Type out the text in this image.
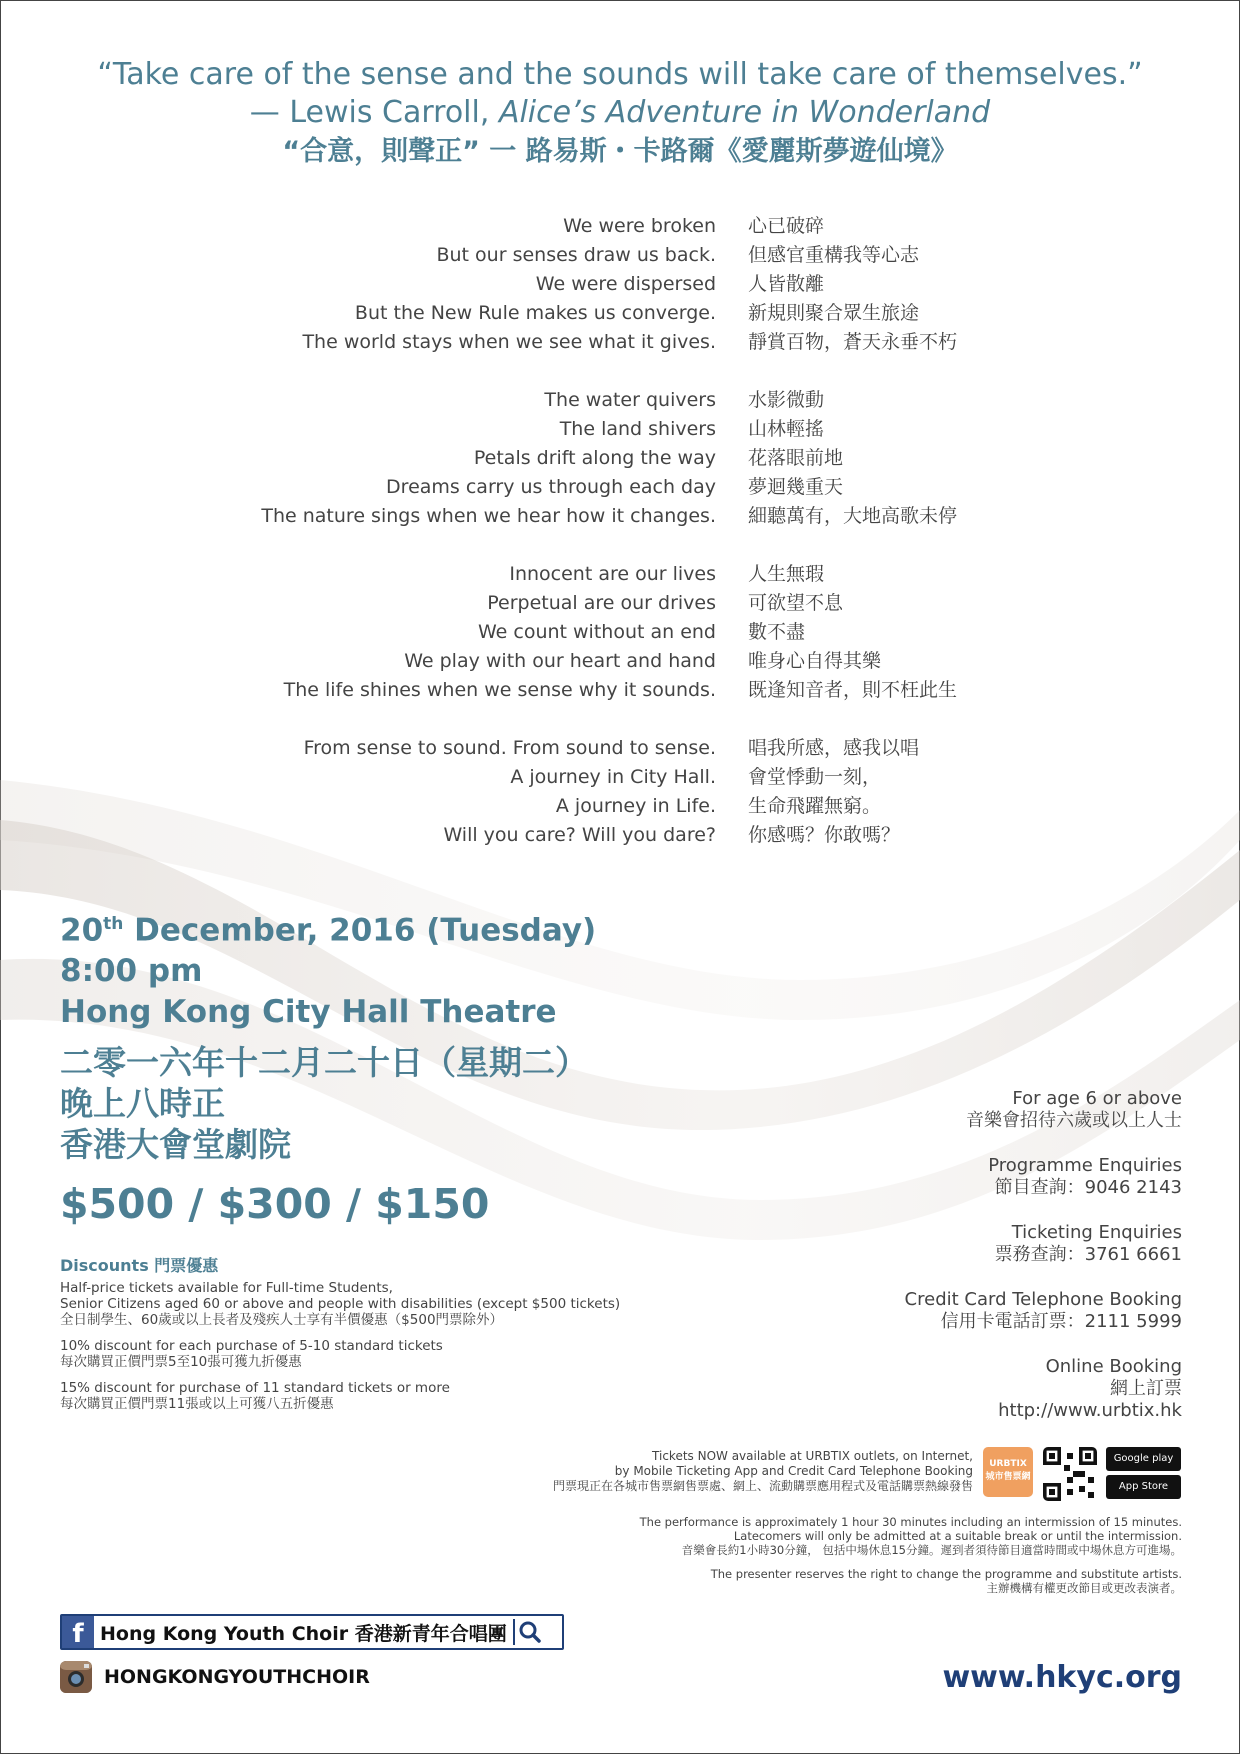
“Take care of the sense and the sounds will take care of themselves.”
— Lewis Carroll, Alice’s Adventure in Wonderland
“合意，則聲正” 一 路易斯・卡路爾《愛麗斯夢遊仙境》
We were broken 心已破碎
But our senses draw us back. 但感官重構我等心志
We were dispersed 人皆散離
But the New Rule makes us converge. 新規則聚合眾生旅途
The world stays when we see what it gives. 靜賞百物，蒼天永垂不朽
The water quivers 水影微動
The land shivers 山林輕搖
Petals drift along the way 花落眼前地
Dreams carry us through each day 夢迴幾重天
The nature sings when we hear how it changes. 細聽萬有，大地高歌未停
Innocent are our lives 人生無瑕
Perpetual are our drives 可欲望不息
We count without an end 數不盡
We play with our heart and hand 唯身心自得其樂
The life shines when we sense why it sounds. 既逢知音者，則不枉此生
From sense to sound. From sound to sense. 唱我所感，感我以唱
A journey in City Hall. 會堂悸動一刻，
A journey in Life. 生命飛躍無窮。
Will you care? Will you dare? 你感嗎？你敢嗎？
20th December, 2016 (Tuesday)
8:00 pm
Hong Kong City Hall Theatre
二零一六年十二月二十日（星期二）
晚上八時正
香港大會堂劇院
$500 / $300 / $150
Discounts 門票優惠

Half-price tickets available for Full-time Students,
Senior Citizens aged 60 or above and people with disabilities (except $500 tickets)
全日制學生、60歲或以上長者及殘疾人士享有半價優惠（$500門票除外）

10% discount for each purchase of 5-10 standard tickets
每次購買正價門票5至10張可獲九折優惠

15% discount for purchase of 11 standard tickets or more
每次購買正價門票11張或以上可獲八五折優惠

For age 6 or above
音樂會招待六歲或以上人士
Programme Enquiries
節目查詢：9046 2143
Ticketing Enquiries
票務查詢：3761 6661
Credit Card Telephone Booking
信用卡電話訂票：2111 5999
Online Booking
網上訂票
http://www.urbtix.hk
Tickets NOW available at URBTIX outlets, on Internet,
by Mobile Ticketing App and Credit Card Telephone Booking
門票現正在各城市售票網售票處、網上、流動購票應用程式及電話購票熱線發售
URBTIX
城市售票網
Google play
App Store

The performance is approximately 1 hour 30 minutes including an intermission of 15 minutes.
Latecomers will only be admitted at a suitable break or until the intermission.
音樂會長約1小時30分鐘， 包括中場休息15分鐘。遲到者須待節目適當時間或中場休息方可進場。

The presenter reserves the right to change the programme and substitute artists.
主辦機構有權更改節目或更改表演者。

f Hong Kong Youth Choir 香港新青年合唱團
HONGKONGYOUTHCHOIR	www.hkyc.org
